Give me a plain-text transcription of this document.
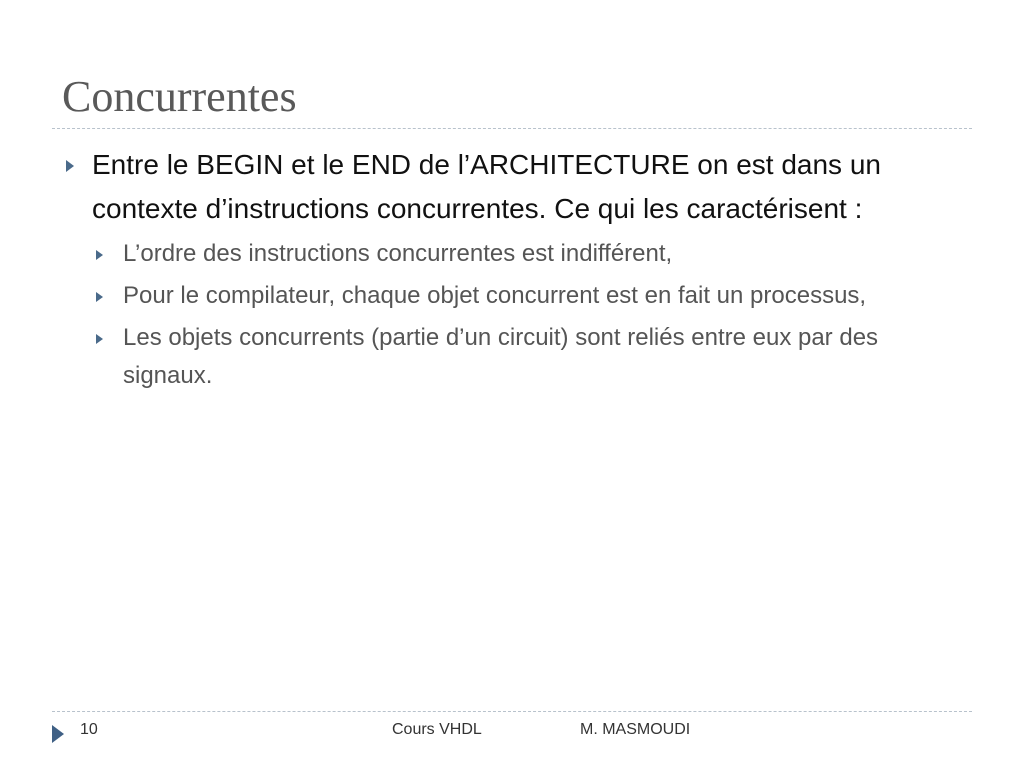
Concurrentes
Entre le BEGIN et le END de l’ARCHITECTURE on est dans un contexte d’instructions concurrentes. Ce qui les caractérisent :
L’ordre des instructions concurrentes est indifférent,
Pour le compilateur, chaque objet concurrent est en fait un processus,
Les objets concurrents (partie d’un circuit) sont reliés entre eux par des signaux.
10	Cours VHDL	M. MASMOUDI
